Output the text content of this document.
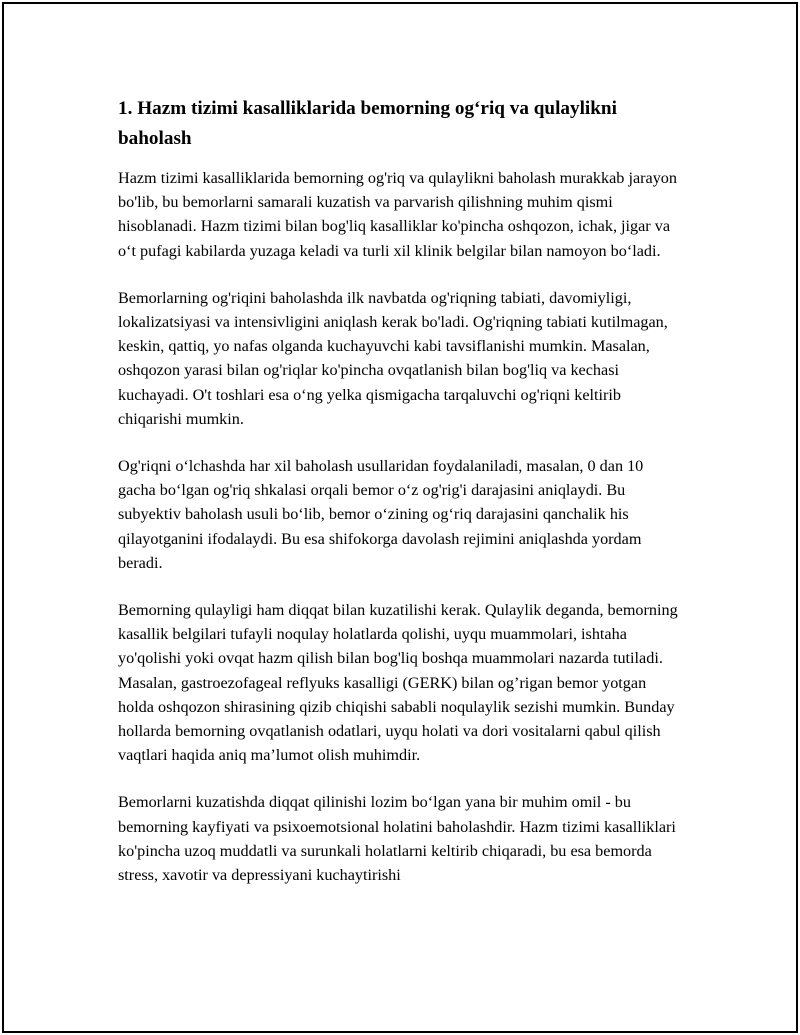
1. Hazm tizimi kasalliklarida bemorning og‘riq va qulaylikni baholash

Hazm tizimi kasalliklarida bemorning og'riq va qulaylikni baholash murakkab jarayon bo'lib, bu bemorlarni samarali kuzatish va parvarish qilishning muhim qismi hisoblanadi. Hazm tizimi bilan bog'liq kasalliklar ko'pincha oshqozon, ichak, jigar va o‘t pufagi kabilarda yuzaga keladi va turli xil klinik belgilar bilan namoyon bo‘ladi.

Bemorlarning og'riqini baholashda ilk navbatda og'riqning tabiati, davomiyligi, lokalizatsiyasi va intensivligini aniqlash kerak bo'ladi. Og'riqning tabiati kutilmagan, keskin, qattiq, yo nafas olganda kuchayuvchi kabi tavsiflanishi mumkin. Masalan, oshqozon yarasi bilan og'riqlar ko'pincha ovqatlanish bilan bog'liq va kechasi kuchayadi. O't toshlari esa o‘ng yelka qismigacha tarqaluvchi og'riqni keltirib chiqarishi mumkin.

Og'riqni o‘lchashda har xil baholash usullaridan foydalaniladi, masalan, 0 dan 10 gacha bo‘lgan og'riq shkalasi orqali bemor o‘z og'rig'i darajasini aniqlaydi. Bu subyektiv baholash usuli bo‘lib, bemor o‘zining og‘riq darajasini qanchalik his qilayotganini ifodalaydi. Bu esa shifokorga davolash rejimini aniqlashda yordam beradi.

Bemorning qulayligi ham diqqat bilan kuzatilishi kerak. Qulaylik deganda, bemorning kasallik belgilari tufayli noqulay holatlarda qolishi, uyqu muammolari, ishtaha yo'qolishi yoki ovqat hazm qilish bilan bog'liq boshqa muammolari nazarda tutiladi. Masalan, gastroezofageal reflyuks kasalligi (GERK) bilan og’rigan bemor yotgan holda oshqozon shirasining qizib chiqishi sababli noqulaylik sezishi mumkin. Bunday hollarda bemorning ovqatlanish odatlari, uyqu holati va dori vositalarni qabul qilish vaqtlari haqida aniq ma’lumot olish muhimdir.

Bemorlarni kuzatishda diqqat qilinishi lozim bo‘lgan yana bir muhim omil - bu bemorning kayfiyati va psixoemotsional holatini baholashdir. Hazm tizimi kasalliklari ko'pincha uzoq muddatli va surunkali holatlarni keltirib chiqaradi, bu esa bemorda stress, xavotir va depressiyani kuchaytirishi
